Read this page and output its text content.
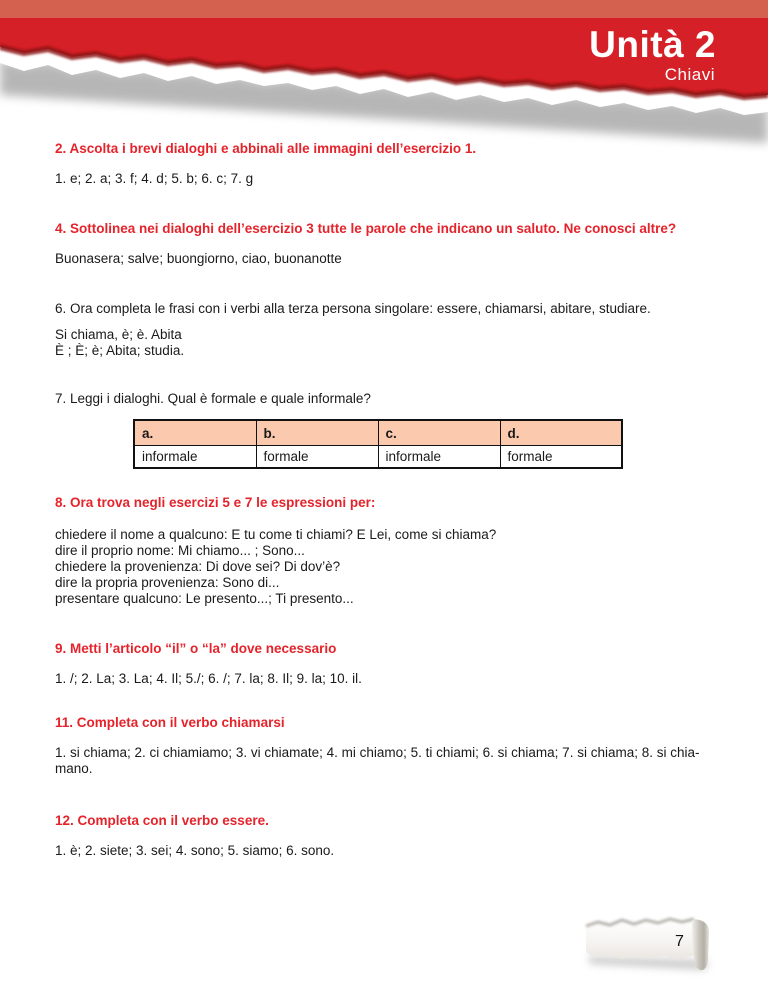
Unità 2
Chiavi
2. Ascolta i brevi dialoghi e abbinali alle immagini dell’esercizio 1.
1. e; 2. a; 3. f; 4. d; 5. b; 6. c; 7. g
4. Sottolinea nei dialoghi dell’esercizio 3 tutte le parole che indicano un saluto. Ne conosci altre?
Buonasera; salve; buongiorno, ciao, buonanotte
6. Ora completa le frasi con i verbi alla terza persona singolare: essere, chiamarsi, abitare, studiare.
Si chiama, è; è. Abita
È ; È; è; Abita; studia.
7. Leggi i dialoghi. Qual è formale e quale informale?
a.	b.	c.	d.
informale	formale	informale	formale
8. Ora trova negli esercizi 5 e 7 le espressioni per:
chiedere il nome a qualcuno: E tu come ti chiami? E Lei, come si chiama?
dire il proprio nome: Mi chiamo... ; Sono...
chiedere la provenienza: Di dove sei? Di dov’è?
dire la propria provenienza: Sono di...
presentare qualcuno: Le presento...; Ti presento...
9. Metti l’articolo “il” o “la” dove necessario
1. /; 2. La; 3. La; 4. Il; 5./; 6. /; 7. la; 8. Il; 9. la; 10. il.
11. Completa con il verbo chiamarsi
1. si chiama; 2. ci chiamiamo; 3. vi chiamate; 4. mi chiamo; 5. ti chiami; 6. si chiama; 7. si chiama; 8. si chia-
mano.
12. Completa con il verbo essere.
1. è; 2. siete; 3. sei; 4. sono; 5. siamo; 6. sono.
7
